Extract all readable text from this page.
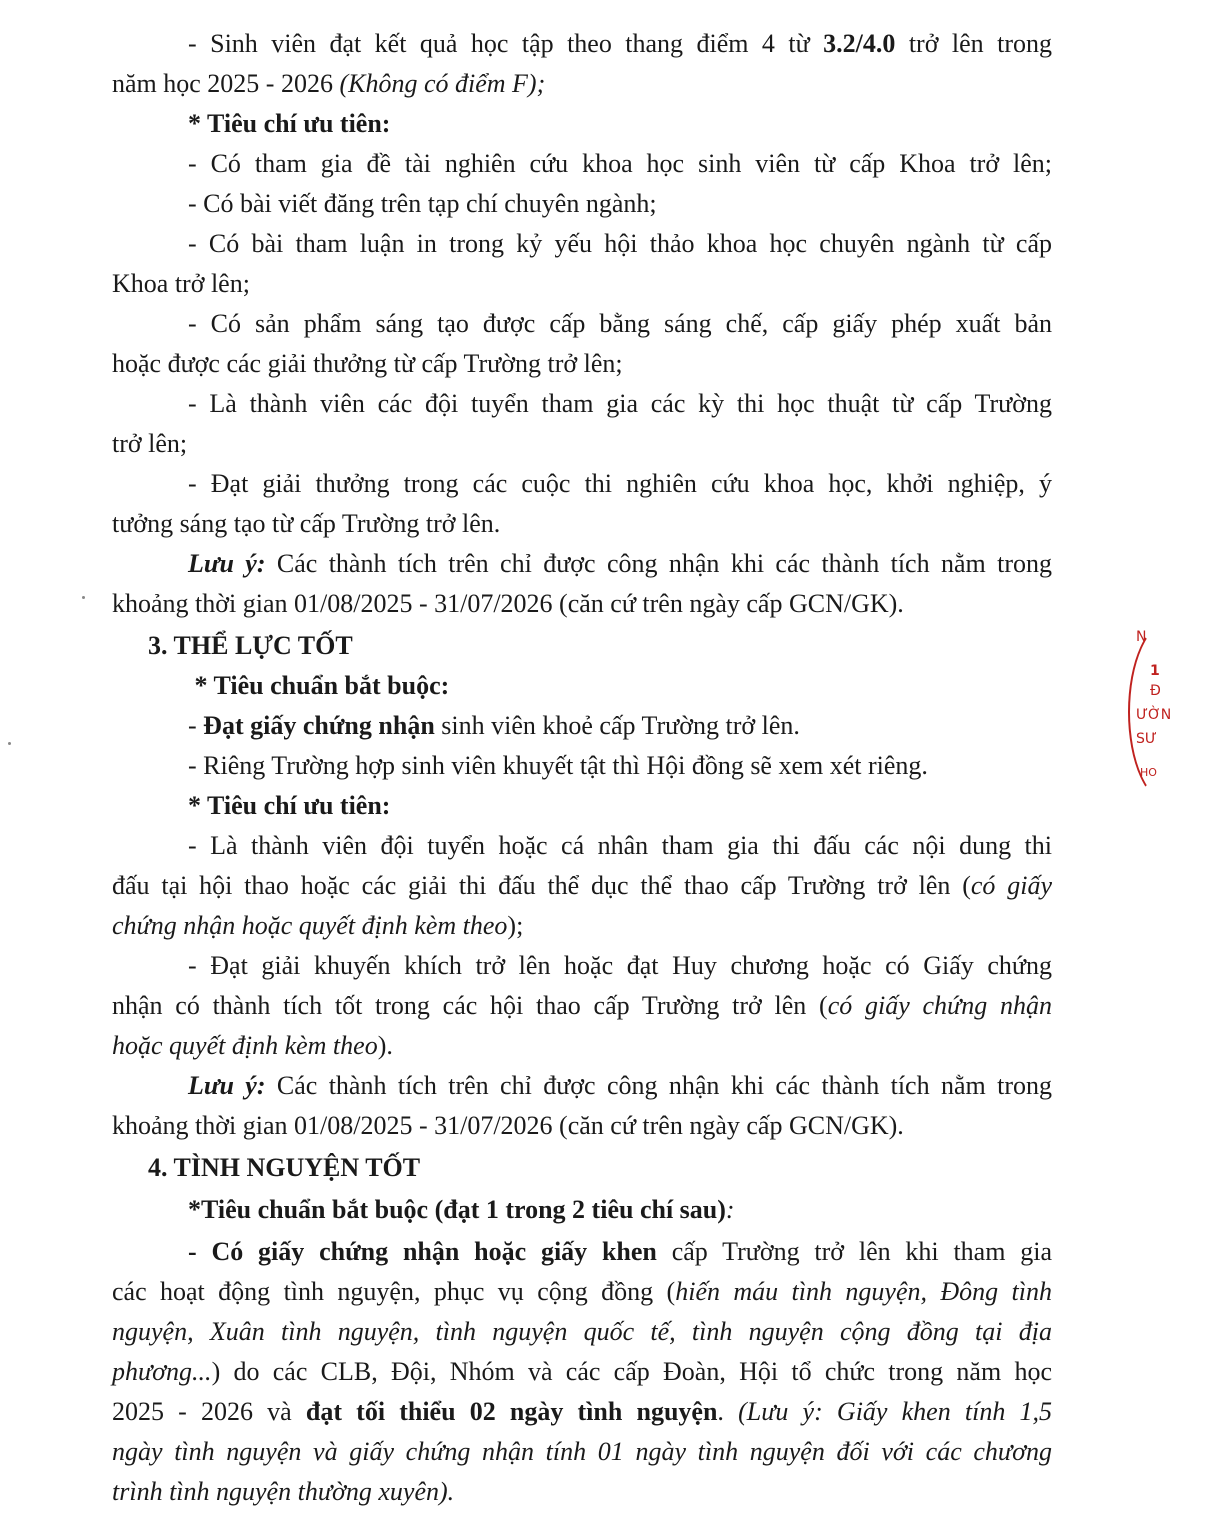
- Sinh viên đạt kết quả học tập theo thang điểm 4 từ 3.2/4.0 trở lên trong
năm học 2025 - 2026 (Không có điểm F);
* Tiêu chí ưu tiên:
- Có tham gia đề tài nghiên cứu khoa học sinh viên từ cấp Khoa trở lên;
- Có bài viết đăng trên tạp chí chuyên ngành;
- Có bài tham luận in trong kỷ yếu hội thảo khoa học chuyên ngành từ cấp
Khoa trở lên;
- Có sản phẩm sáng tạo được cấp bằng sáng chế, cấp giấy phép xuất bản
hoặc được các giải thưởng từ cấp Trường trở lên;
- Là thành viên các đội tuyển tham gia các kỳ thi học thuật từ cấp Trường
trở lên;
- Đạt giải thưởng trong các cuộc thi nghiên cứu khoa học, khởi nghiệp, ý
tưởng sáng tạo từ cấp Trường trở lên.
Lưu ý: Các thành tích trên chỉ được công nhận khi các thành tích nằm trong
khoảng thời gian 01/08/2025 - 31/07/2026 (căn cứ trên ngày cấp GCN/GK).
3. THỂ LỰC TỐT
* Tiêu chuẩn bắt buộc:
- Đạt giấy chứng nhận sinh viên khoẻ cấp Trường trở lên.
- Riêng Trường hợp sinh viên khuyết tật thì Hội đồng sẽ xem xét riêng.
* Tiêu chí ưu tiên:
- Là thành viên đội tuyển hoặc cá nhân tham gia thi đấu các nội dung thi
đấu tại hội thao hoặc các giải thi đấu thể dục thể thao cấp Trường trở lên (có giấy
chứng nhận hoặc quyết định kèm theo);
- Đạt giải khuyến khích trở lên hoặc đạt Huy chương hoặc có Giấy chứng
nhận có thành tích tốt trong các hội thao cấp Trường trở lên (có giấy chứng nhận
hoặc quyết định kèm theo).
Lưu ý: Các thành tích trên chỉ được công nhận khi các thành tích nằm trong
khoảng thời gian 01/08/2025 - 31/07/2026 (căn cứ trên ngày cấp GCN/GK).
4. TÌNH NGUYỆN TỐT
*Tiêu chuẩn bắt buộc (đạt 1 trong 2 tiêu chí sau):
- Có giấy chứng nhận hoặc giấy khen cấp Trường trở lên khi tham gia
các hoạt động tình nguyện, phục vụ cộng đồng (hiến máu tình nguyện, Đông tình
nguyện, Xuân tình nguyện, tình nguyện quốc tế, tình nguyện cộng đồng tại địa
phương...) do các CLB, Đội, Nhóm và các cấp Đoàn, Hội tổ chức trong năm học
2025 - 2026 và đạt tối thiểu 02 ngày tình nguyện. (Lưu ý: Giấy khen tính 1,5
ngày tình nguyện và giấy chứng nhận tính 01 ngày tình nguyện đối với các chương
trình tình nguyện thường xuyên).
N
1
Đ
ƯỜN
SƯ
HO
